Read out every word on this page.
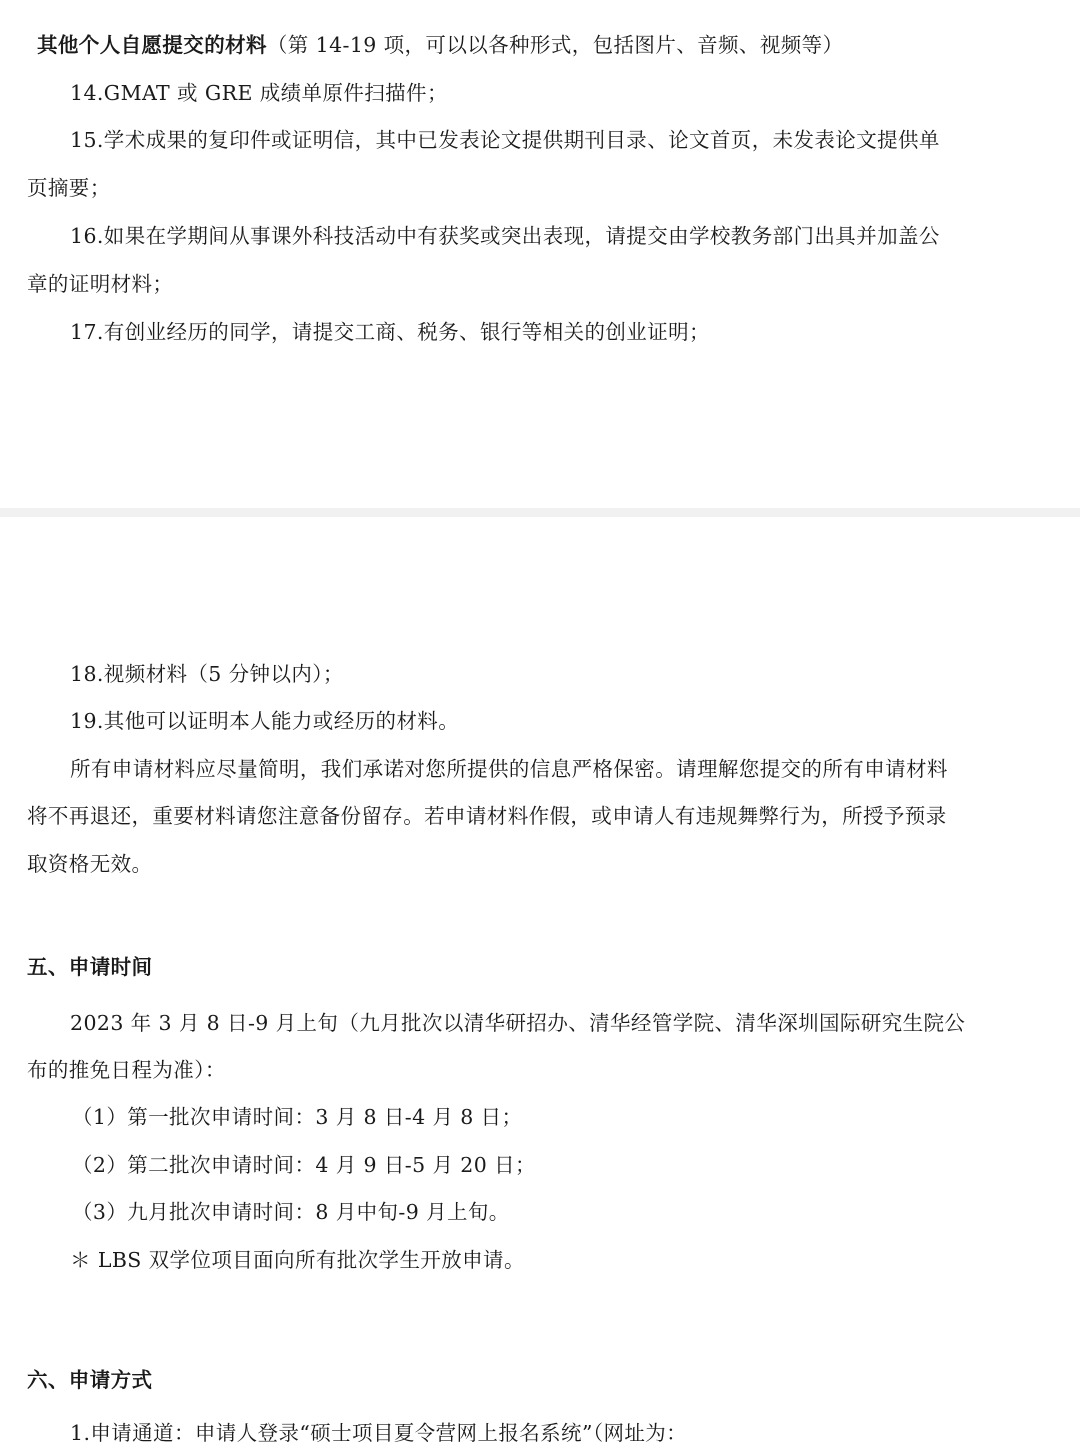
其他个人自愿提交的材料（第 14-19 项，可以以各种形式，包括图片、音频、视频等）
14.GMAT 或 GRE 成绩单原件扫描件；
15.学术成果的复印件或证明信，其中已发表论文提供期刊目录、论文首页，未发表论文提供单
页摘要；
16.如果在学期间从事课外科技活动中有获奖或突出表现，请提交由学校教务部门出具并加盖公
章的证明材料；
17.有创业经历的同学，请提交工商、税务、银行等相关的创业证明；
18.视频材料（5 分钟以内）；
19.其他可以证明本人能力或经历的材料。
所有申请材料应尽量简明，我们承诺对您所提供的信息严格保密。请理解您提交的所有申请材料
将不再退还，重要材料请您注意备份留存。若申请材料作假，或申请人有违规舞弊行为，所授予预录
取资格无效。
五、申请时间
2023 年 3 月 8 日-9 月上旬（九月批次以清华研招办、清华经管学院、清华深圳国际研究生院公
布的推免日程为准）：
（1）第一批次申请时间：3 月 8 日-4 月 8 日；
（2）第二批次申请时间：4 月 9 日-5 月 20 日；
（3）九月批次申请时间：8 月中旬-9 月上旬。
＊ LBS 双学位项目面向所有批次学生开放申请。
六、申请方式
1.申请通道：申请人登录“硕士项目夏令营网上报名系统”（网址为：
